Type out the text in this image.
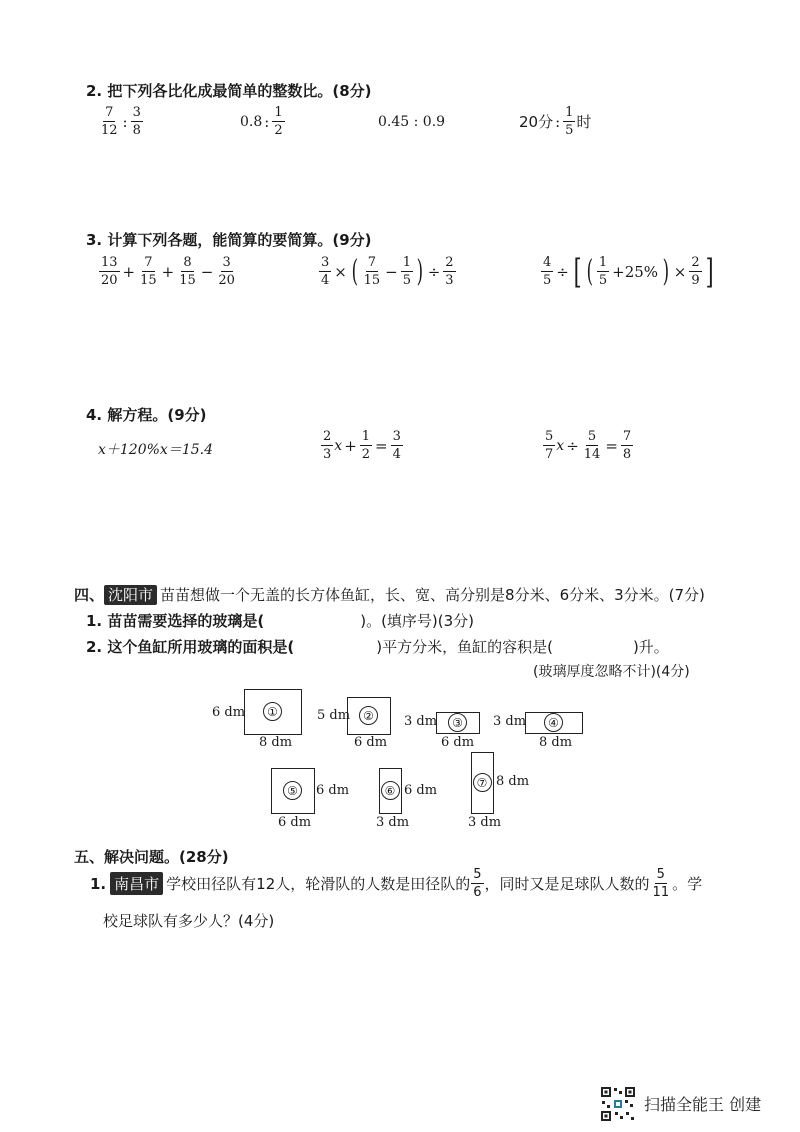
2. 把下列各比化成最简单的整数比。(8分)
$\frac{7}{12}$ : $\frac{3}{8}$	0.8 : $\frac{1}{2}$	0.45 : 0.9	20分 : $\frac{1}{5}$ 时
3. 计算下列各题，能简算的要简算。(9分)
$\frac{13}{20} + \frac{7}{15} + \frac{8}{15} - \frac{3}{20}$	$\frac{3}{4}$ × ( $\frac{7}{15} - \frac{1}{5}$ ) ÷ $\frac{2}{3}$	$\frac{4}{5}$ ÷ [ ( $\frac{1}{5} +25\%$ ) × $\frac{2}{9}$ ]
4. 解方程。(9分)
x＋120%x＝15.4	$\frac{2}{3}$ $x + \frac{1}{2} = \frac{3}{4}$	$\frac{5}{7}$ $x \div \frac{5}{14} = \frac{7}{8}$
四、 沈阳市 苗苗想做一个无盖的长方体鱼缸，长、宽、高分别是8分米、6分米、3分米。(7分)
1. 苗苗需要选择的玻璃是(	)。(填序号)(3分)
2. 这个鱼缸所用玻璃的面积是(	)平方分米，鱼缸的容积是(	)升。
(玻璃厚度忽略不计)(4分)
①
6 dm
8 dm
②
5 dm
6 dm
③
3 dm
6 dm
④
3 dm
8 dm
⑤	6 dm
6 dm
⑥ 6 dm
3 dm
⑦ 8 dm
3 dm
五、解决问题。(28分)
1. 南昌市 学校田径队有12人，轮滑队的人数是田径队的 $\frac{5}{6}$ ，同时又是足球队人数的 $\frac{5}{11}$ 。学
校足球队有多少人？(4分)
扫描全能王 创建
